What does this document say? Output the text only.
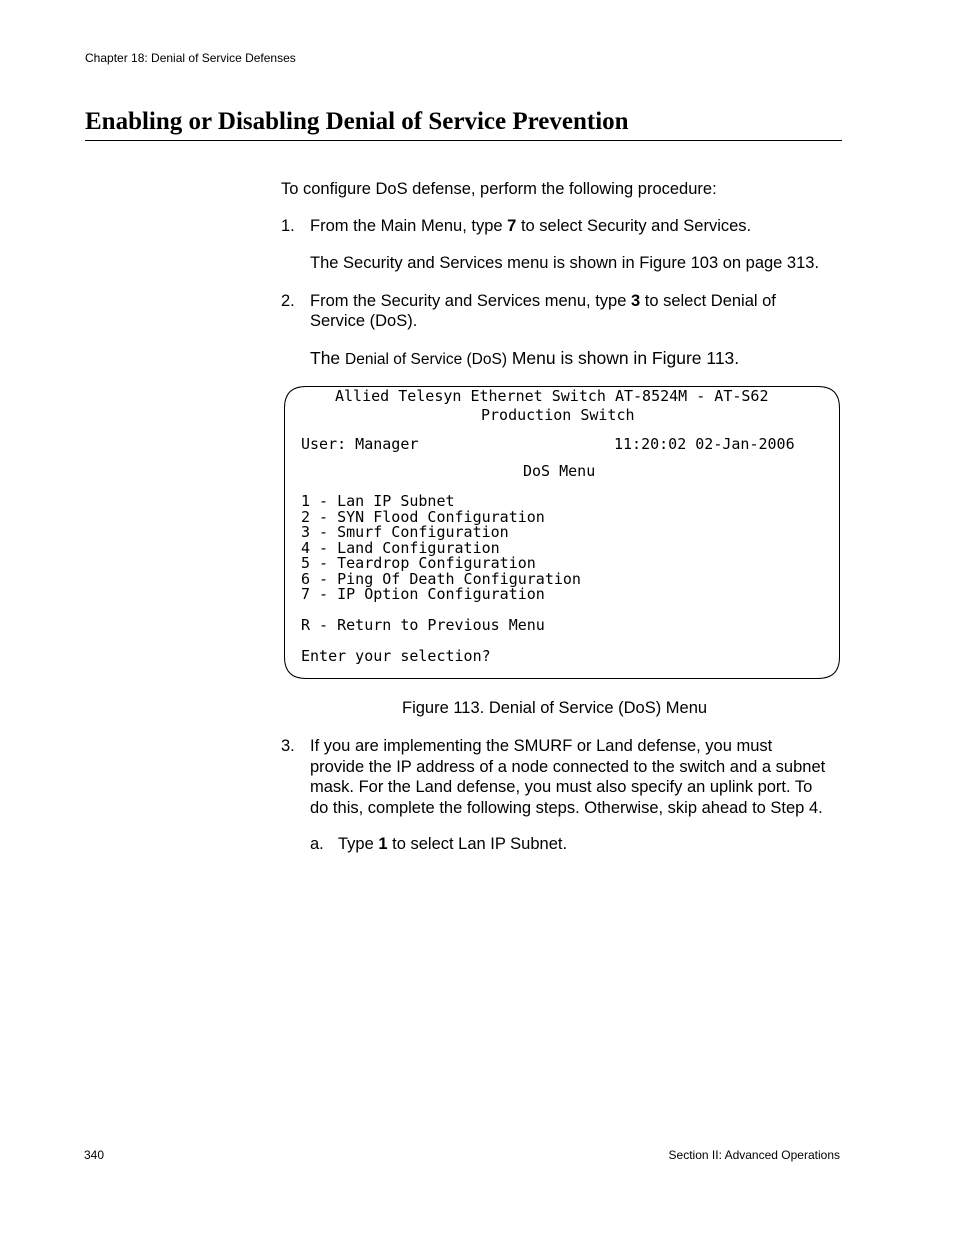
Chapter 18: Denial of Service Defenses
Enabling or Disabling Denial of Service Prevention
To configure DoS defense, perform the following procedure:
1. From the Main Menu, type 7 to select Security and Services.
The Security and Services menu is shown in Figure 103 on page 313.
2. From the Security and Services menu, type 3 to select Denial of
Service (DoS).
The Denial of Service (DoS) Menu is shown in Figure 113.
Allied Telesyn Ethernet Switch AT-8524M - AT-S62
Production Switch
User: Manager	11:20:02 02-Jan-2006
DoS Menu
1 - Lan IP Subnet
2 - SYN Flood Configuration
3 - Smurf Configuration
4 - Land Configuration
5 - Teardrop Configuration
6 - Ping Of Death Configuration
7 - IP Option Configuration
R - Return to Previous Menu
Enter your selection?
Figure 113. Denial of Service (DoS) Menu
3. If you are implementing the SMURF or Land defense, you must
provide the IP address of a node connected to the switch and a subnet
mask. For the Land defense, you must also specify an uplink port. To
do this, complete the following steps. Otherwise, skip ahead to Step 4.
a. Type 1 to select Lan IP Subnet.
340	Section II: Advanced Operations
